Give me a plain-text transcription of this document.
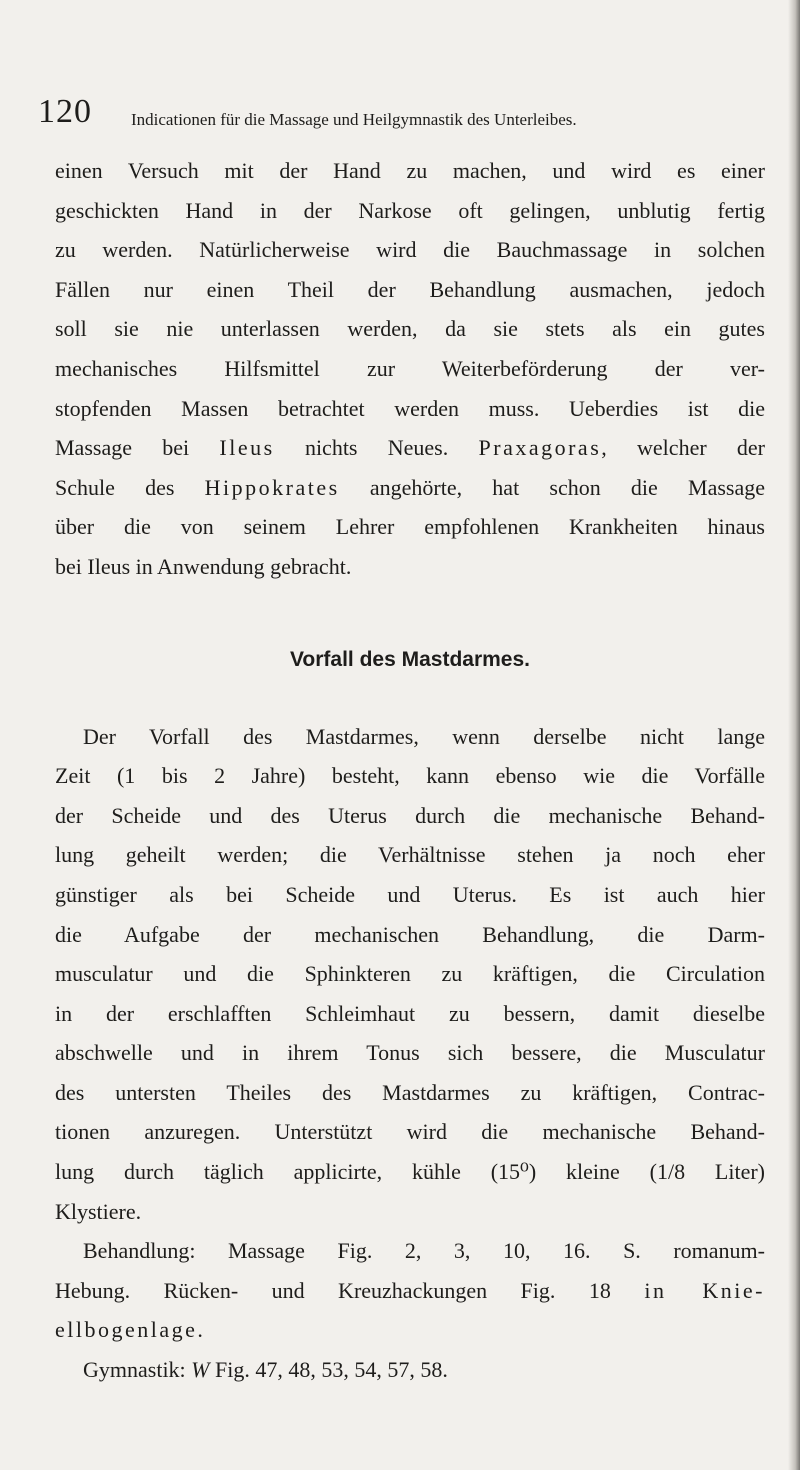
120 Indicationen für die Massage und Heilgymnastik des Unterleibes.
einen Versuch mit der Hand zu machen, und wird es einer
geschickten Hand in der Narkose oft gelingen, unblutig fertig
zu werden. Natürlicherweise wird die Bauchmassage in solchen
Fällen nur einen Theil der Behandlung ausmachen, jedoch
soll sie nie unterlassen werden, da sie stets als ein gutes
mechanisches Hilfsmittel zur Weiterbeförderung der ver-
stopfenden Massen betrachtet werden muss. Ueberdies ist die
Massage bei Ileus nichts Neues. Praxagoras, welcher der
Schule des Hippokrates angehörte, hat schon die Massage
über die von seinem Lehrer empfohlenen Krankheiten hinaus
bei Ileus in Anwendung gebracht.
Vorfall des Mastdarmes.
Der Vorfall des Mastdarmes, wenn derselbe nicht lange
Zeit (1 bis 2 Jahre) besteht, kann ebenso wie die Vorfälle
der Scheide und des Uterus durch die mechanische Behand-
lung geheilt werden; die Verhältnisse stehen ja noch eher
günstiger als bei Scheide und Uterus. Es ist auch hier
die Aufgabe der mechanischen Behandlung, die Darm-
musculatur und die Sphinkteren zu kräftigen, die Circulation
in der erschlafften Schleimhaut zu bessern, damit dieselbe
abschwelle und in ihrem Tonus sich bessere, die Musculatur
des untersten Theiles des Mastdarmes zu kräftigen, Contrac-
tionen anzuregen. Unterstützt wird die mechanische Behand-
lung durch täglich applicirte, kühle (15⁰) kleine (1/8 Liter)
Klystiere.
Behandlung: Massage Fig. 2, 3, 10, 16. S. romanum-
Hebung. Rücken- und Kreuzhackungen Fig. 18 in Knie-
ellbogenlage.
Gymnastik: W Fig. 47, 48, 53, 54, 57, 58.
